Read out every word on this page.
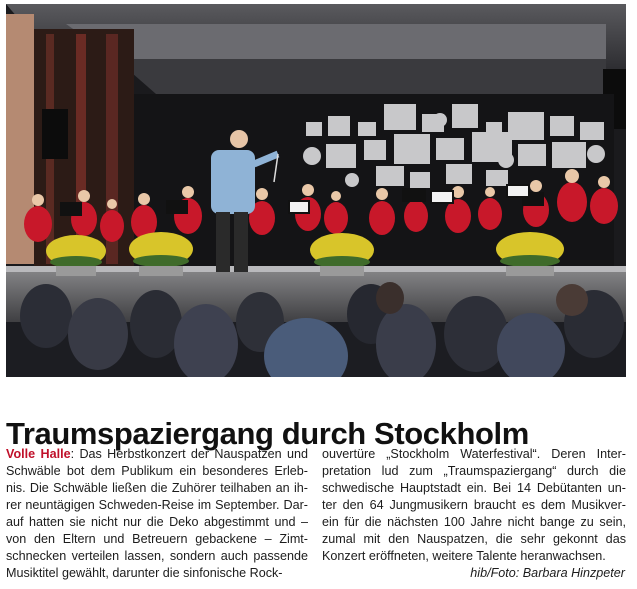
Traumspaziergang durch Stockholm
Volle Halle: Das Herbstkonzert der Nauspatzen und
Schwäble bot dem Publikum ein besonderes Erleb-
nis. Die Schwäble ließen die Zuhörer teilhaben an ih-
rer neuntägigen Schweden-Reise im September. Dar-
auf hatten sie nicht nur die Deko abgestimmt und –
von den Eltern und Betreuern gebackene – Zimt-
schnecken verteilen lassen, sondern auch passende
Musiktitel gewählt, darunter die sinfonische Rock-
ouvertüre „Stockholm Waterfestival“. Deren Inter-
pretation lud zum „Traumspaziergang“ durch die
schwedische Hauptstadt ein. Bei 14 Debütanten un-
ter den 64 Jungmusikern braucht es dem Musikver-
ein für die nächsten 100 Jahre nicht bange zu sein,
zumal mit den Nauspatzen, die sehr gekonnt das
Konzert eröffneten, weitere Talente heranwachsen.
hib/Foto: Barbara Hinzpeter
